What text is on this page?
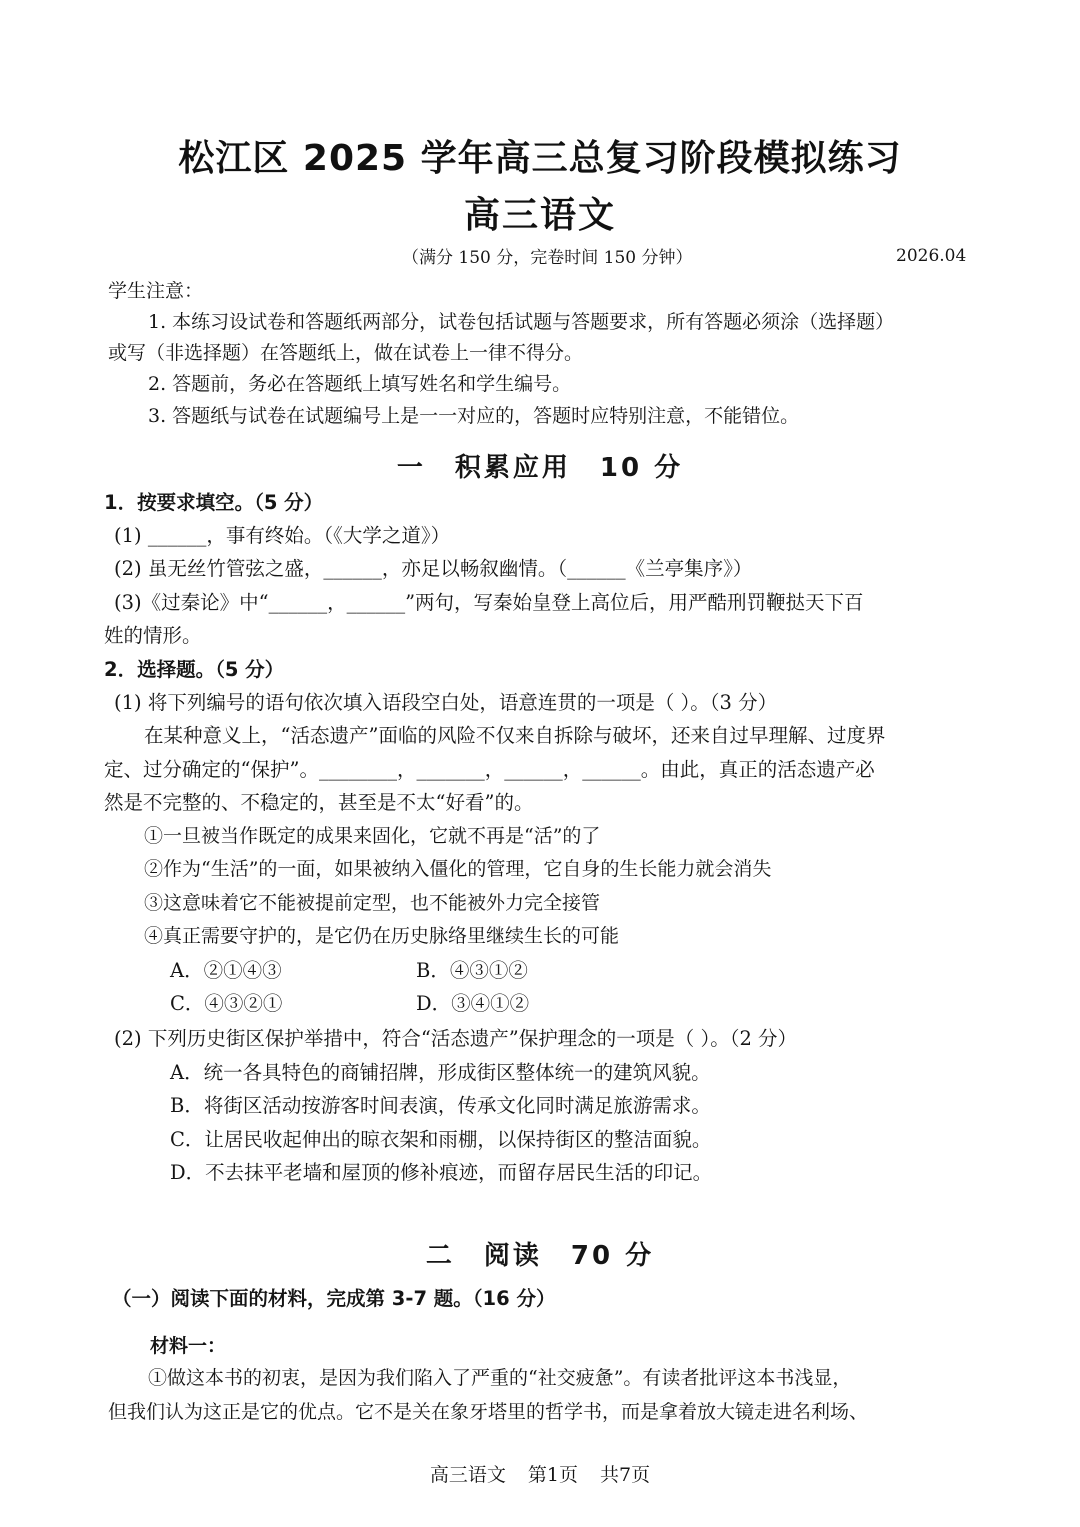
松江区 2025 学年高三总复习阶段模拟练习
高三语文
（满分 150 分，完卷时间 150 分钟）	2026.04
学生注意：
1. 本练习设试卷和答题纸两部分，试卷包括试题与答题要求，所有答题必须涂（选择题）
或写（非选择题）在答题纸上，做在试卷上一律不得分。
2. 答题前，务必在答题纸上填写姓名和学生编号。
3. 答题纸与试卷在试题编号上是一一对应的，答题时应特别注意，不能错位。
一　积累应用　10 分
1．按要求填空。（5 分）
(1) ______，事有终始。（《大学之道》）
(2) 虽无丝竹管弦之盛，______，亦足以畅叙幽情。（______《兰亭集序》）
(3)《过秦论》中“______，______”两句，写秦始皇登上高位后，用严酷刑罚鞭挞天下百
姓的情形。
2．选择题。（5 分）
(1) 将下列编号的语句依次填入语段空白处，语意连贯的一项是（ ）。（3 分）
在某种意义上，“活态遗产”面临的风险不仅来自拆除与破坏，还来自过早理解、过度界
定、过分确定的“保护”。________，_______，______，______。由此，真正的活态遗产必
然是不完整的、不稳定的，甚至是不太“好看”的。
①一旦被当作既定的成果来固化，它就不再是“活”的了
②作为“生活”的一面，如果被纳入僵化的管理，它自身的生长能力就会消失
③这意味着它不能被提前定型，也不能被外力完全接管
④真正需要守护的，是它仍在历史脉络里继续生长的可能
A．②①④③	B．④③①②
C．④③②①	D．③④①②
(2) 下列历史街区保护举措中，符合“活态遗产”保护理念的一项是（ ）。（2 分）
A．统一各具特色的商铺招牌，形成街区整体统一的建筑风貌。
B．将街区活动按游客时间表演，传承文化同时满足旅游需求。
C．让居民收起伸出的晾衣架和雨棚，以保持街区的整洁面貌。
D．不去抹平老墙和屋顶的修补痕迹，而留存居民生活的印记。
二　阅读　70 分
（一）阅读下面的材料，完成第 3-7 题。（16 分）
材料一：
①做这本书的初衷，是因为我们陷入了严重的“社交疲惫”。有读者批评这本书浅显，
但我们认为这正是它的优点。它不是关在象牙塔里的哲学书，而是拿着放大镜走进名利场、
高三语文 第1页 共7页
